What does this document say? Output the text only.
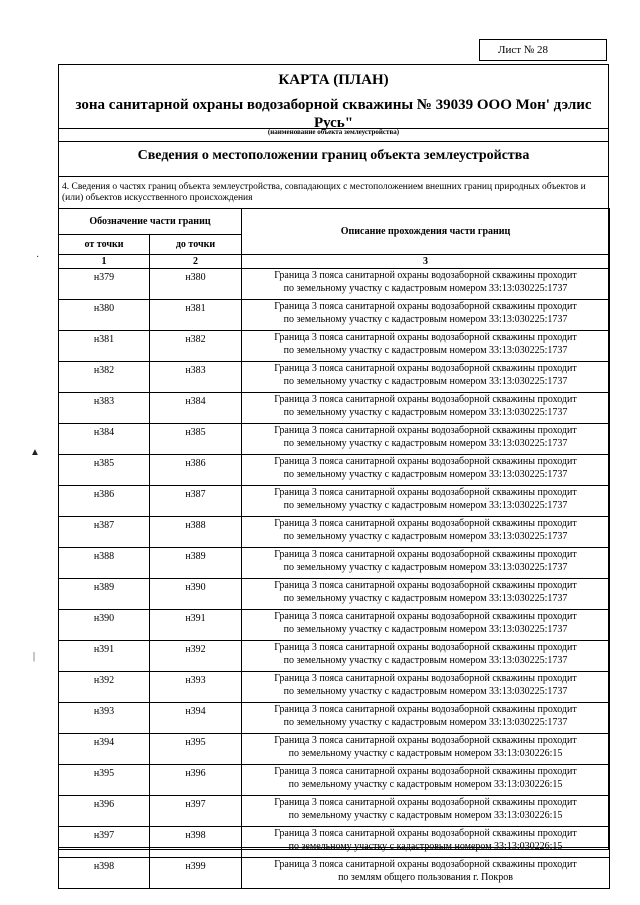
Лист № 28
КАРТА (ПЛАН)
зона санитарной охраны водозаборной скважины № 39039 ООО Мон' дэлис Русь"
(наименование объекта землеустройства)
Сведения о местоположении границ объекта землеустройства
4. Сведения о частях границ объекта землеустройства, совпадающих с местоположением внешних границ природных объектов и (или) объектов искусственного происхождения
Обозначение части границ		Описание прохождения части границ
от точки	до точки	
1	2	3
н379	н380	Граница 3 пояса санитарной охраны водозаборной скважины проходит
по земельному участку с кадастровым номером 33:13:030225:1737

н380	н381	Граница 3 пояса санитарной охраны водозаборной скважины проходит
по земельному участку с кадастровым номером 33:13:030225:1737

н381	н382	Граница 3 пояса санитарной охраны водозаборной скважины проходит
по земельному участку с кадастровым номером 33:13:030225:1737

н382	н383	Граница 3 пояса санитарной охраны водозаборной скважины проходит
по земельному участку с кадастровым номером 33:13:030225:1737

н383	н384	Граница 3 пояса санитарной охраны водозаборной скважины проходит
по земельному участку с кадастровым номером 33:13:030225:1737

н384	н385	Граница 3 пояса санитарной охраны водозаборной скважины проходит
по земельному участку с кадастровым номером 33:13:030225:1737

н385	н386	Граница 3 пояса санитарной охраны водозаборной скважины проходит
по земельному участку с кадастровым номером 33:13:030225:1737

н386	н387	Граница 3 пояса санитарной охраны водозаборной скважины проходит
по земельному участку с кадастровым номером 33:13:030225:1737

н387	н388	Граница 3 пояса санитарной охраны водозаборной скважины проходит
по земельному участку с кадастровым номером 33:13:030225:1737

н388	н389	Граница 3 пояса санитарной охраны водозаборной скважины проходит
по земельному участку с кадастровым номером 33:13:030225:1737

н389	н390	Граница 3 пояса санитарной охраны водозаборной скважины проходит
по земельному участку с кадастровым номером 33:13:030225:1737

н390	н391	Граница 3 пояса санитарной охраны водозаборной скважины проходит
по земельному участку с кадастровым номером 33:13:030225:1737

н391	н392	Граница 3 пояса санитарной охраны водозаборной скважины проходит
по земельному участку с кадастровым номером 33:13:030225:1737

н392	н393	Граница 3 пояса санитарной охраны водозаборной скважины проходит
по земельному участку с кадастровым номером 33:13:030225:1737

н393	н394	Граница 3 пояса санитарной охраны водозаборной скважины проходит
по земельному участку с кадастровым номером 33:13:030225:1737

н394	н395	Граница 3 пояса санитарной охраны водозаборной скважины проходит
по земельному участку с кадастровым номером 33:13:030226:15

н395	н396	Граница 3 пояса санитарной охраны водозаборной скважины проходит
по земельному участку с кадастровым номером 33:13:030226:15

н396	н397	Граница 3 пояса санитарной охраны водозаборной скважины проходит
по земельному участку с кадастровым номером 33:13:030226:15

н397	н398	Граница 3 пояса санитарной охраны водозаборной скважины проходит
по земельному участку с кадастровым номером 33:13:030226:15

н398	н399	Граница 3 пояса санитарной охраны водозаборной скважины проходит
по землям общего пользования г. Покров
·
▲
|
